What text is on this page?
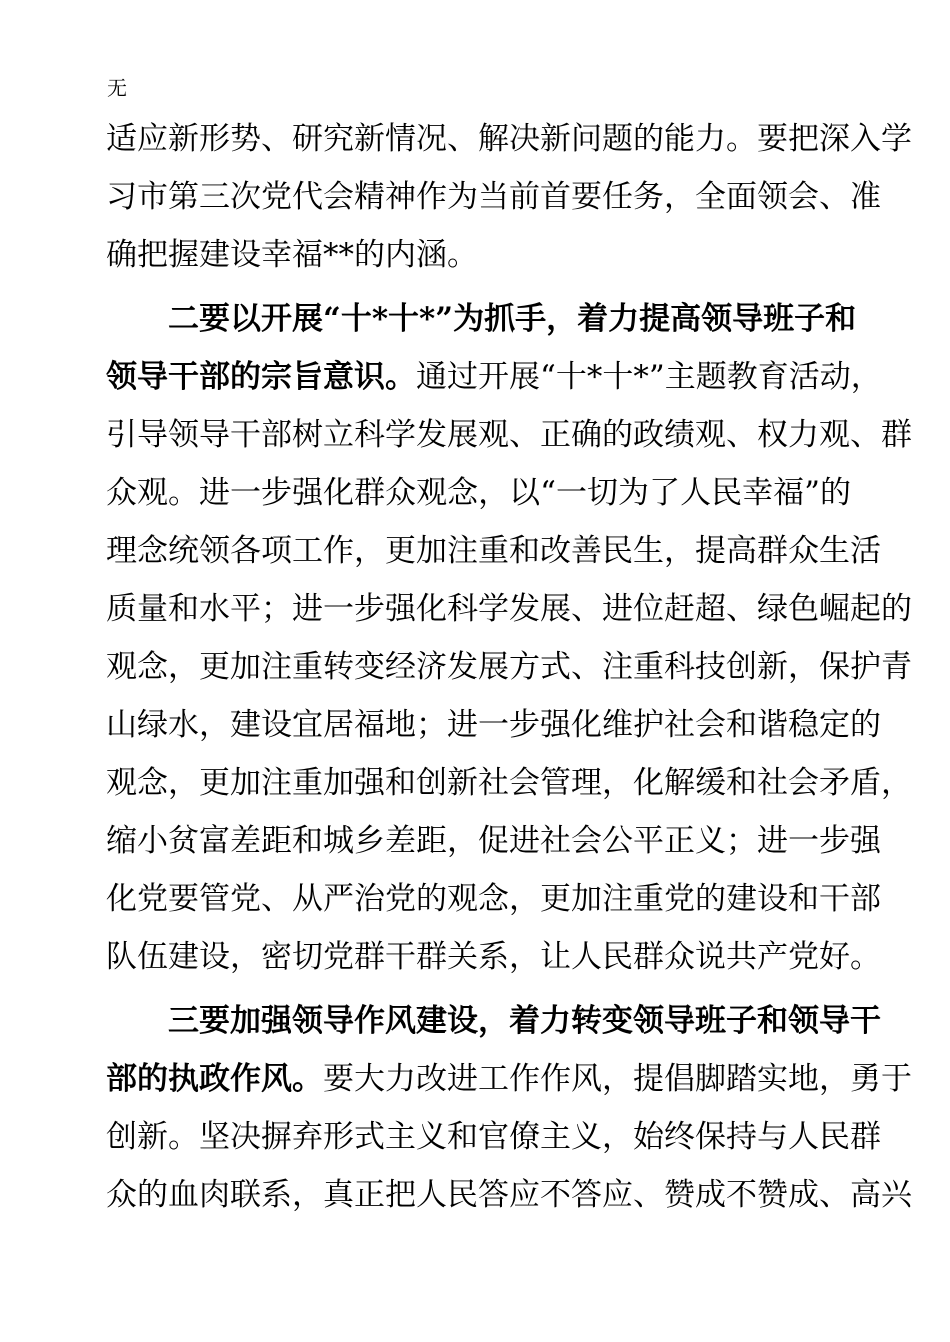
无
适应新形势、研究新情况、解决新问题的能力。要把深入学
习市第三次党代会精神作为当前首要任务，全面领会、准
确把握建设幸福**的内涵。
二要以开展“十*十*”为抓手，着力提高领导班子和
领导干部的宗旨意识。通过开展“十*十*”主题教育活动，
引导领导干部树立科学发展观、正确的政绩观、权力观、群
众观。进一步强化群众观念，以“一切为了人民幸福”的
理念统领各项工作，更加注重和改善民生，提高群众生活
质量和水平；进一步强化科学发展、进位赶超、绿色崛起的
观念，更加注重转变经济发展方式、注重科技创新，保护青
山绿水，建设宜居福地；进一步强化维护社会和谐稳定的
观念，更加注重加强和创新社会管理，化解缓和社会矛盾，
缩小贫富差距和城乡差距，促进社会公平正义；进一步强
化党要管党、从严治党的观念，更加注重党的建设和干部
队伍建设，密切党群干群关系，让人民群众说共产党好。
三要加强领导作风建设，着力转变领导班子和领导干
部的执政作风。要大力改进工作作风，提倡脚踏实地，勇于
创新。坚决摒弃形式主义和官僚主义，始终保持与人民群
众的血肉联系，真正把人民答应不答应、赞成不赞成、高兴
